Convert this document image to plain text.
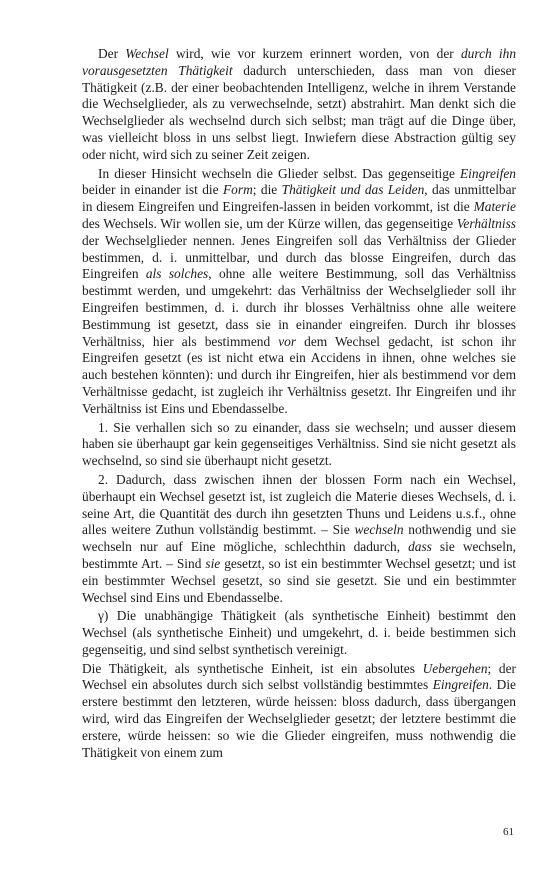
Der Wechsel wird, wie vor kurzem erinnert worden, von der durch ihn vorausgesetzten Thätigkeit dadurch unterschieden, dass man von dieser Thätigkeit (z.B. der einer beobachtenden Intelligenz, welche in ihrem Verstande die Wechselglieder, als zu verwechselnde, setzt) abstrahirt. Man denkt sich die Wechselglieder als wechselnd durch sich selbst; man trägt auf die Dinge über, was vielleicht bloss in uns selbst liegt. Inwiefern diese Abstraction gültig sey oder nicht, wird sich zu seiner Zeit zeigen.

In dieser Hinsicht wechseln die Glieder selbst. Das gegenseitige Eingreifen beider in einander ist die Form; die Thätigkeit und das Leiden, das unmittelbar in diesem Eingreifen und Eingreifen-lassen in beiden vorkommt, ist die Materie des Wechsels. Wir wollen sie, um der Kürze willen, das gegenseitige Verhältniss der Wechselglieder nennen. Jenes Eingreifen soll das Verhältniss der Glieder bestimmen, d. i. unmittelbar, und durch das blosse Eingreifen, durch das Eingreifen als solches, ohne alle weitere Bestimmung, soll das Verhältniss bestimmt werden, und umgekehrt: das Verhältniss der Wechselglieder soll ihr Eingreifen bestimmen, d. i. durch ihr blosses Verhältniss ohne alle weitere Bestimmung ist gesetzt, dass sie in einander eingreifen. Durch ihr blosses Verhältniss, hier als bestimmend vor dem Wechsel gedacht, ist schon ihr Eingreifen gesetzt (es ist nicht etwa ein Accidens in ihnen, ohne welches sie auch bestehen könnten): und durch ihr Eingreifen, hier als bestimmend vor dem Verhältnisse gedacht, ist zugleich ihr Verhältniss gesetzt. Ihr Eingreifen und ihr Verhältniss ist Eins und Ebendasselbe.

1. Sie verhallen sich so zu einander, dass sie wechseln; und ausser diesem haben sie überhaupt gar kein gegenseitiges Verhältniss. Sind sie nicht gesetzt als wechselnd, so sind sie überhaupt nicht gesetzt.

2. Dadurch, dass zwischen ihnen der blossen Form nach ein Wechsel, überhaupt ein Wechsel gesetzt ist, ist zugleich die Materie dieses Wechsels, d. i. seine Art, die Quantität des durch ihn gesetzten Thuns und Leidens u.s.f., ohne alles weitere Zuthun vollständig bestimmt. – Sie wechseln nothwendig und sie wechseln nur auf Eine mögliche, schlechthin dadurch, dass sie wechseln, bestimmte Art. – Sind sie gesetzt, so ist ein bestimmter Wechsel gesetzt; und ist ein bestimmter Wechsel gesetzt, so sind sie gesetzt. Sie und ein bestimmter Wechsel sind Eins und Ebendasselbe.

γ) Die unabhängige Thätigkeit (als synthetische Einheit) bestimmt den Wechsel (als synthetische Einheit) und umgekehrt, d. i. beide bestimmen sich gegenseitig, und sind selbst synthetisch vereinigt.

Die Thätigkeit, als synthetische Einheit, ist ein absolutes Uebergehen; der Wechsel ein absolutes durch sich selbst vollständig bestimmtes Eingreifen. Die erstere bestimmt den letzteren, würde heissen: bloss dadurch, dass übergangen wird, wird das Eingreifen der Wechselglieder gesetzt; der letztere bestimmt die erstere, würde heissen: so wie die Glieder eingreifen, muss nothwendig die Thätigkeit von einem zum

61
